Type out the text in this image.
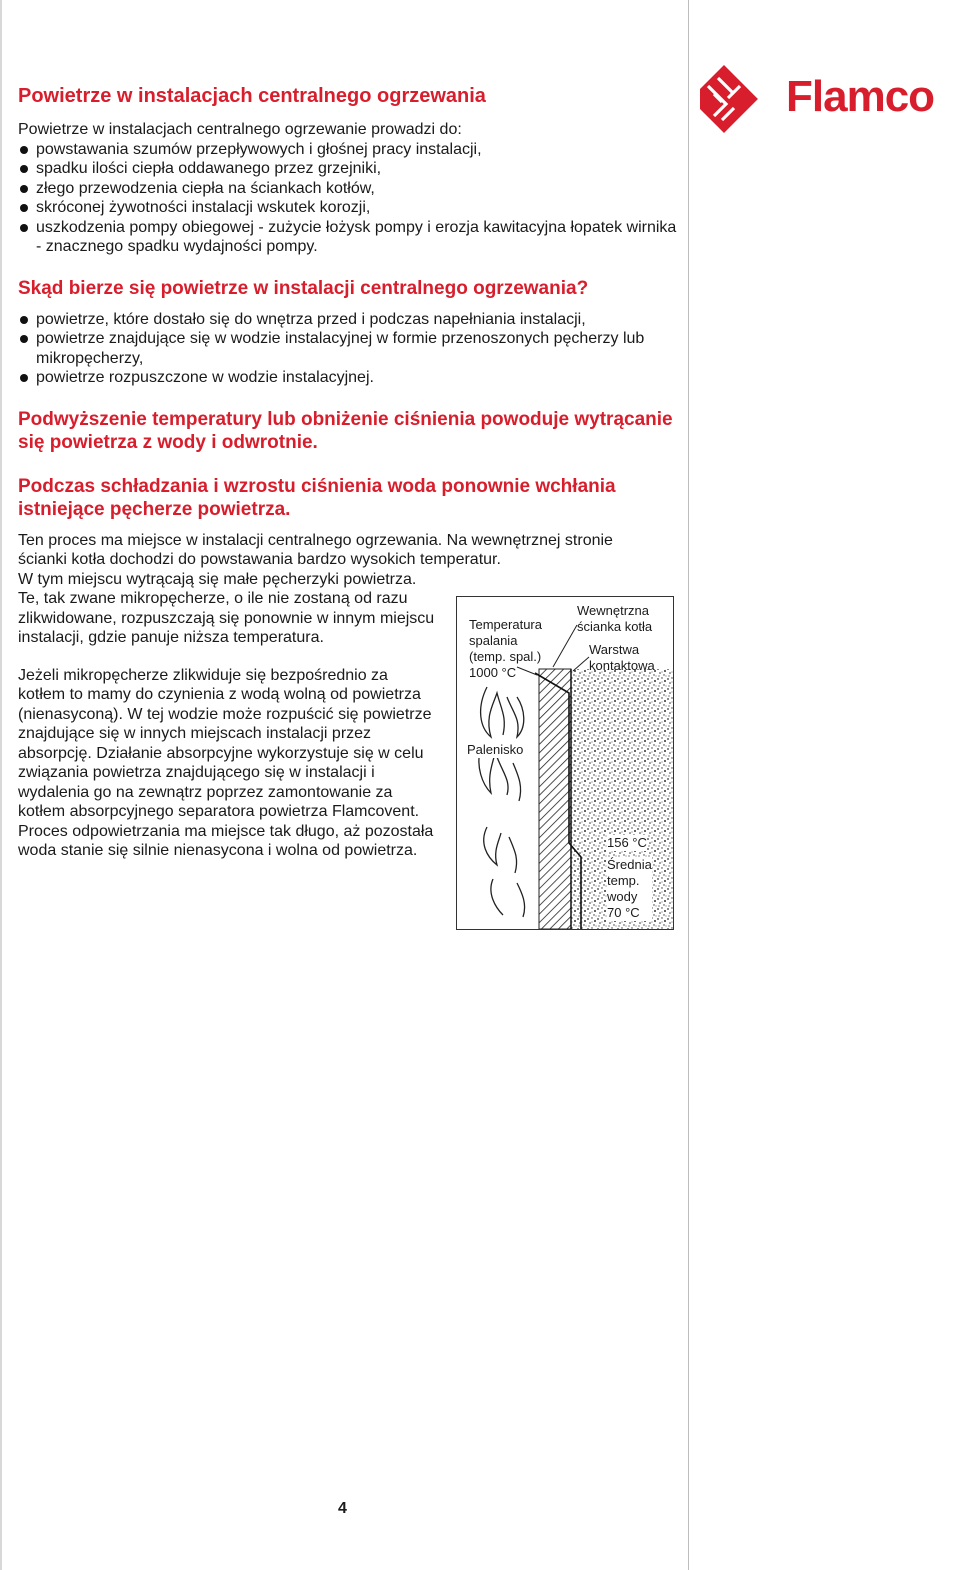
Flamco
Powietrze w instalacjach centralnego ogrzewania

Powietrze w instalacjach centralnego ogrzewanie prowadzi do:

powstawania szumów przepływowych i głośnej pracy instalacji,
spadku ilości ciepła oddawanego przez grzejniki,
złego przewodzenia ciepła na ściankach kotłów,
skróconej żywotności instalacji wskutek korozji,
uszkodzenia pompy obiegowej - zużycie łożysk pompy i erozja kawitacyjna łopatek wirnika - znacznego spadku wydajności pompy.
Skąd bierze się powietrze w instalacji centralnego ogrzewania?
powietrze, które dostało się do wnętrza przed i podczas napełniania instalacji,
powietrze znajdujące się w wodzie instalacyjnej w formie przenoszonych pęcherzy lub mikropęcherzy,
powietrze rozpuszczone w wodzie instalacyjnej.
Podwyższenie temperatury lub obniżenie ciśnienia powoduje wytrącanie się powietrza z wody i odwrotnie.
Podczas schładzania i wzrostu ciśnienia woda ponownie wchłania istniejące pęcherze powietrza.

Ten proces ma miejsce w instalacji centralnego ogrzewania. Na wewnętrznej stronie ścianki kotła dochodzi do powstawania bardzo wysokich temperatur.

W tym miejscu wytrącają się małe pęcherzyki powietrza. Te, tak zwane mikropęcherze, o ile nie zostaną od razu zlikwidowane, rozpuszczają się ponownie w innym miejscu instalacji, gdzie panuje niższa temperatura.

Jeżeli mikropęcherze zlikwiduje się bezpośrednio za kotłem to mamy do czynienia z wodą wolną od powietrza (nienasyconą). W tej wodzie może rozpuścić się powietrze znajdujące się w innych miejscach instalacji przez absorpcję. Działanie absorpcyjne wykorzystuje się w celu związania powietrza znajdującego się w instalacji i wydalenia go na zewnątrz poprzez zamontowanie za kotłem absorpcyjnego separatora powietrza Flamcovent. Proces odpowietrzania ma miejsce tak długo, aż pozostała woda stanie się silnie nienasycona i wolna od powietrza.

Temperatura
spalania
(temp. spal.)
1000 °C
Wewnętrzna
ścianka kotła
Warstwa
kontaktowa
Palenisko
156 °C
Średnia
temp.
wody
70 °C
4
